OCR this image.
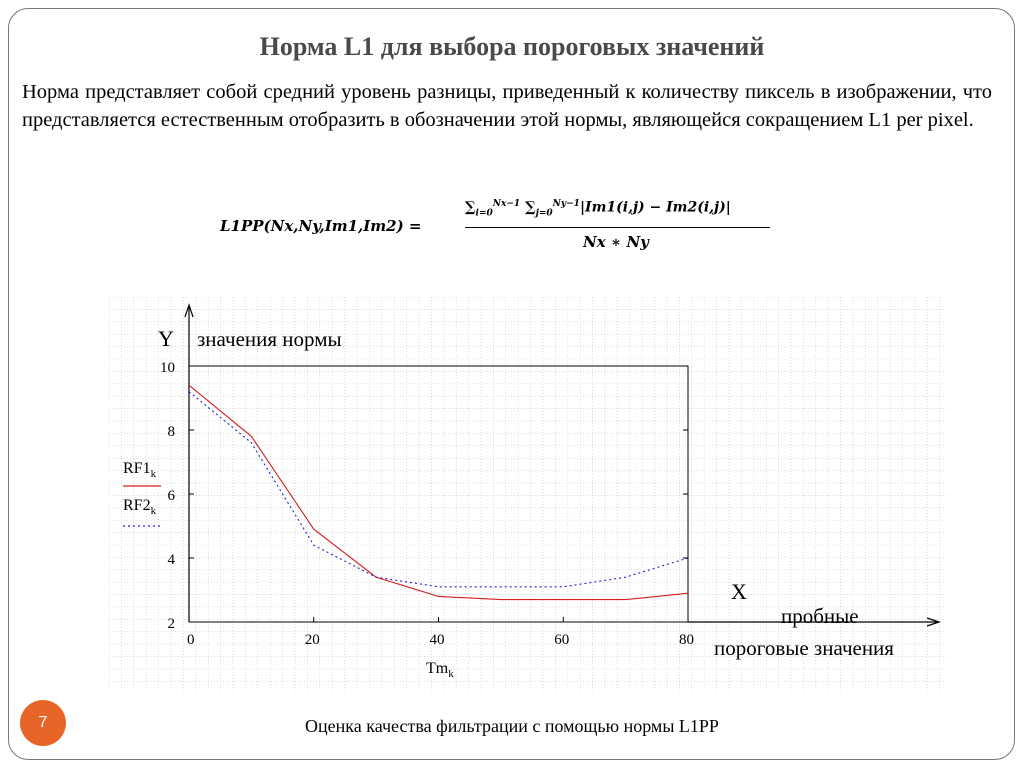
Норма L1 для выбора пороговых значений
Норма представляет собой средний уровень разницы, приведенный к количеству пиксель в изображении, что представляется естественным отобразить в обозначении этой нормы, являющейся сокращением L1 per pixel.
L1PP(Nx,Ny,Im1,Im2) =
$\sum_{i=0}^{Nx-1}$ $\sum_{j=0}^{Ny-1}|Im1(i,j) - Im2(i,j)|$
Nx ∗ Ny
0	20	40	60	80
2
4
6
8
10
Y значения нормы
X
пробные
пороговые значения
$Tm_k$
$RF1_k$
$RF2_k$
Оценка качества фильтрации с помощью нормы L1PP
7
